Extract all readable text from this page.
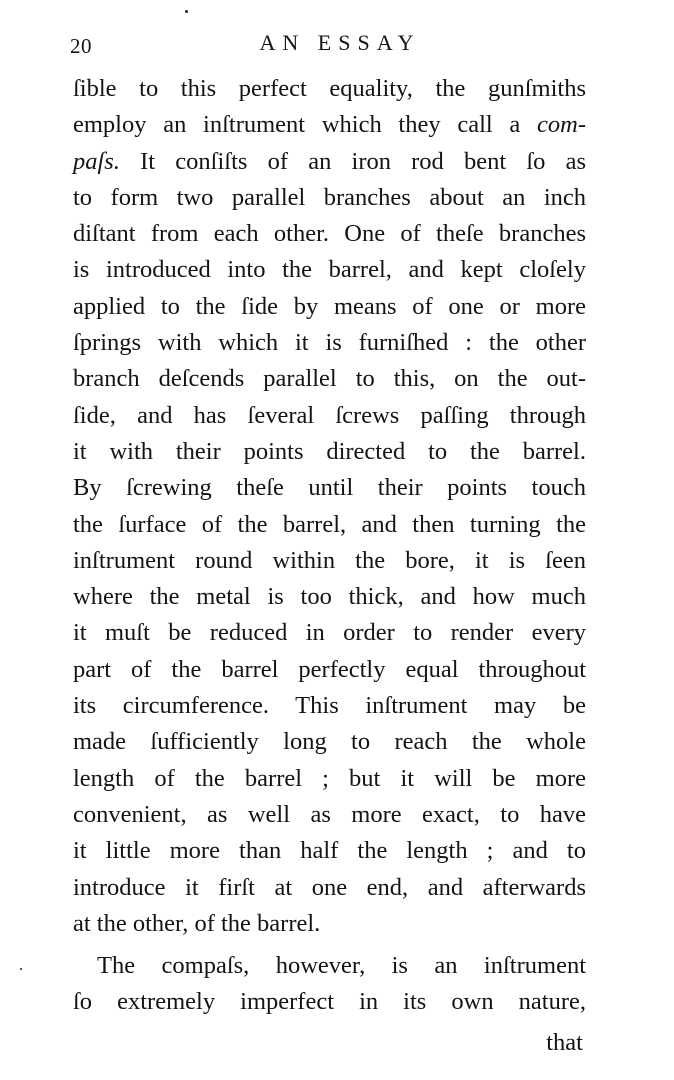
20	AN ESSAY
ſible to this perfect equality, the gunſmiths
employ an inſtrument which they call a com-
paſs. It conſiſts of an iron rod bent ſo as
to form two parallel branches about an inch
diſtant from each other. One of theſe branches
is introduced into the barrel, and kept cloſely
applied to the ſide by means of one or more
ſprings with which it is furniſhed : the other
branch deſcends parallel to this, on the out-
ſide, and has ſeveral ſcrews paſſing through
it with their points directed to the barrel.
By ſcrewing theſe until their points touch
the ſurface of the barrel, and then turning the
inſtrument round within the bore, it is ſeen
where the metal is too thick, and how much
it muſt be reduced in order to render every
part of the barrel perfectly equal throughout
its circumference. This inſtrument may be
made ſufficiently long to reach the whole
length of the barrel ; but it will be more
convenient, as well as more exact, to have
it little more than half the length ; and to
introduce it firſt at one end, and afterwards
at the other, of the barrel.
The compaſs, however, is an inſtrument
ſo extremely imperfect in its own nature,
that
